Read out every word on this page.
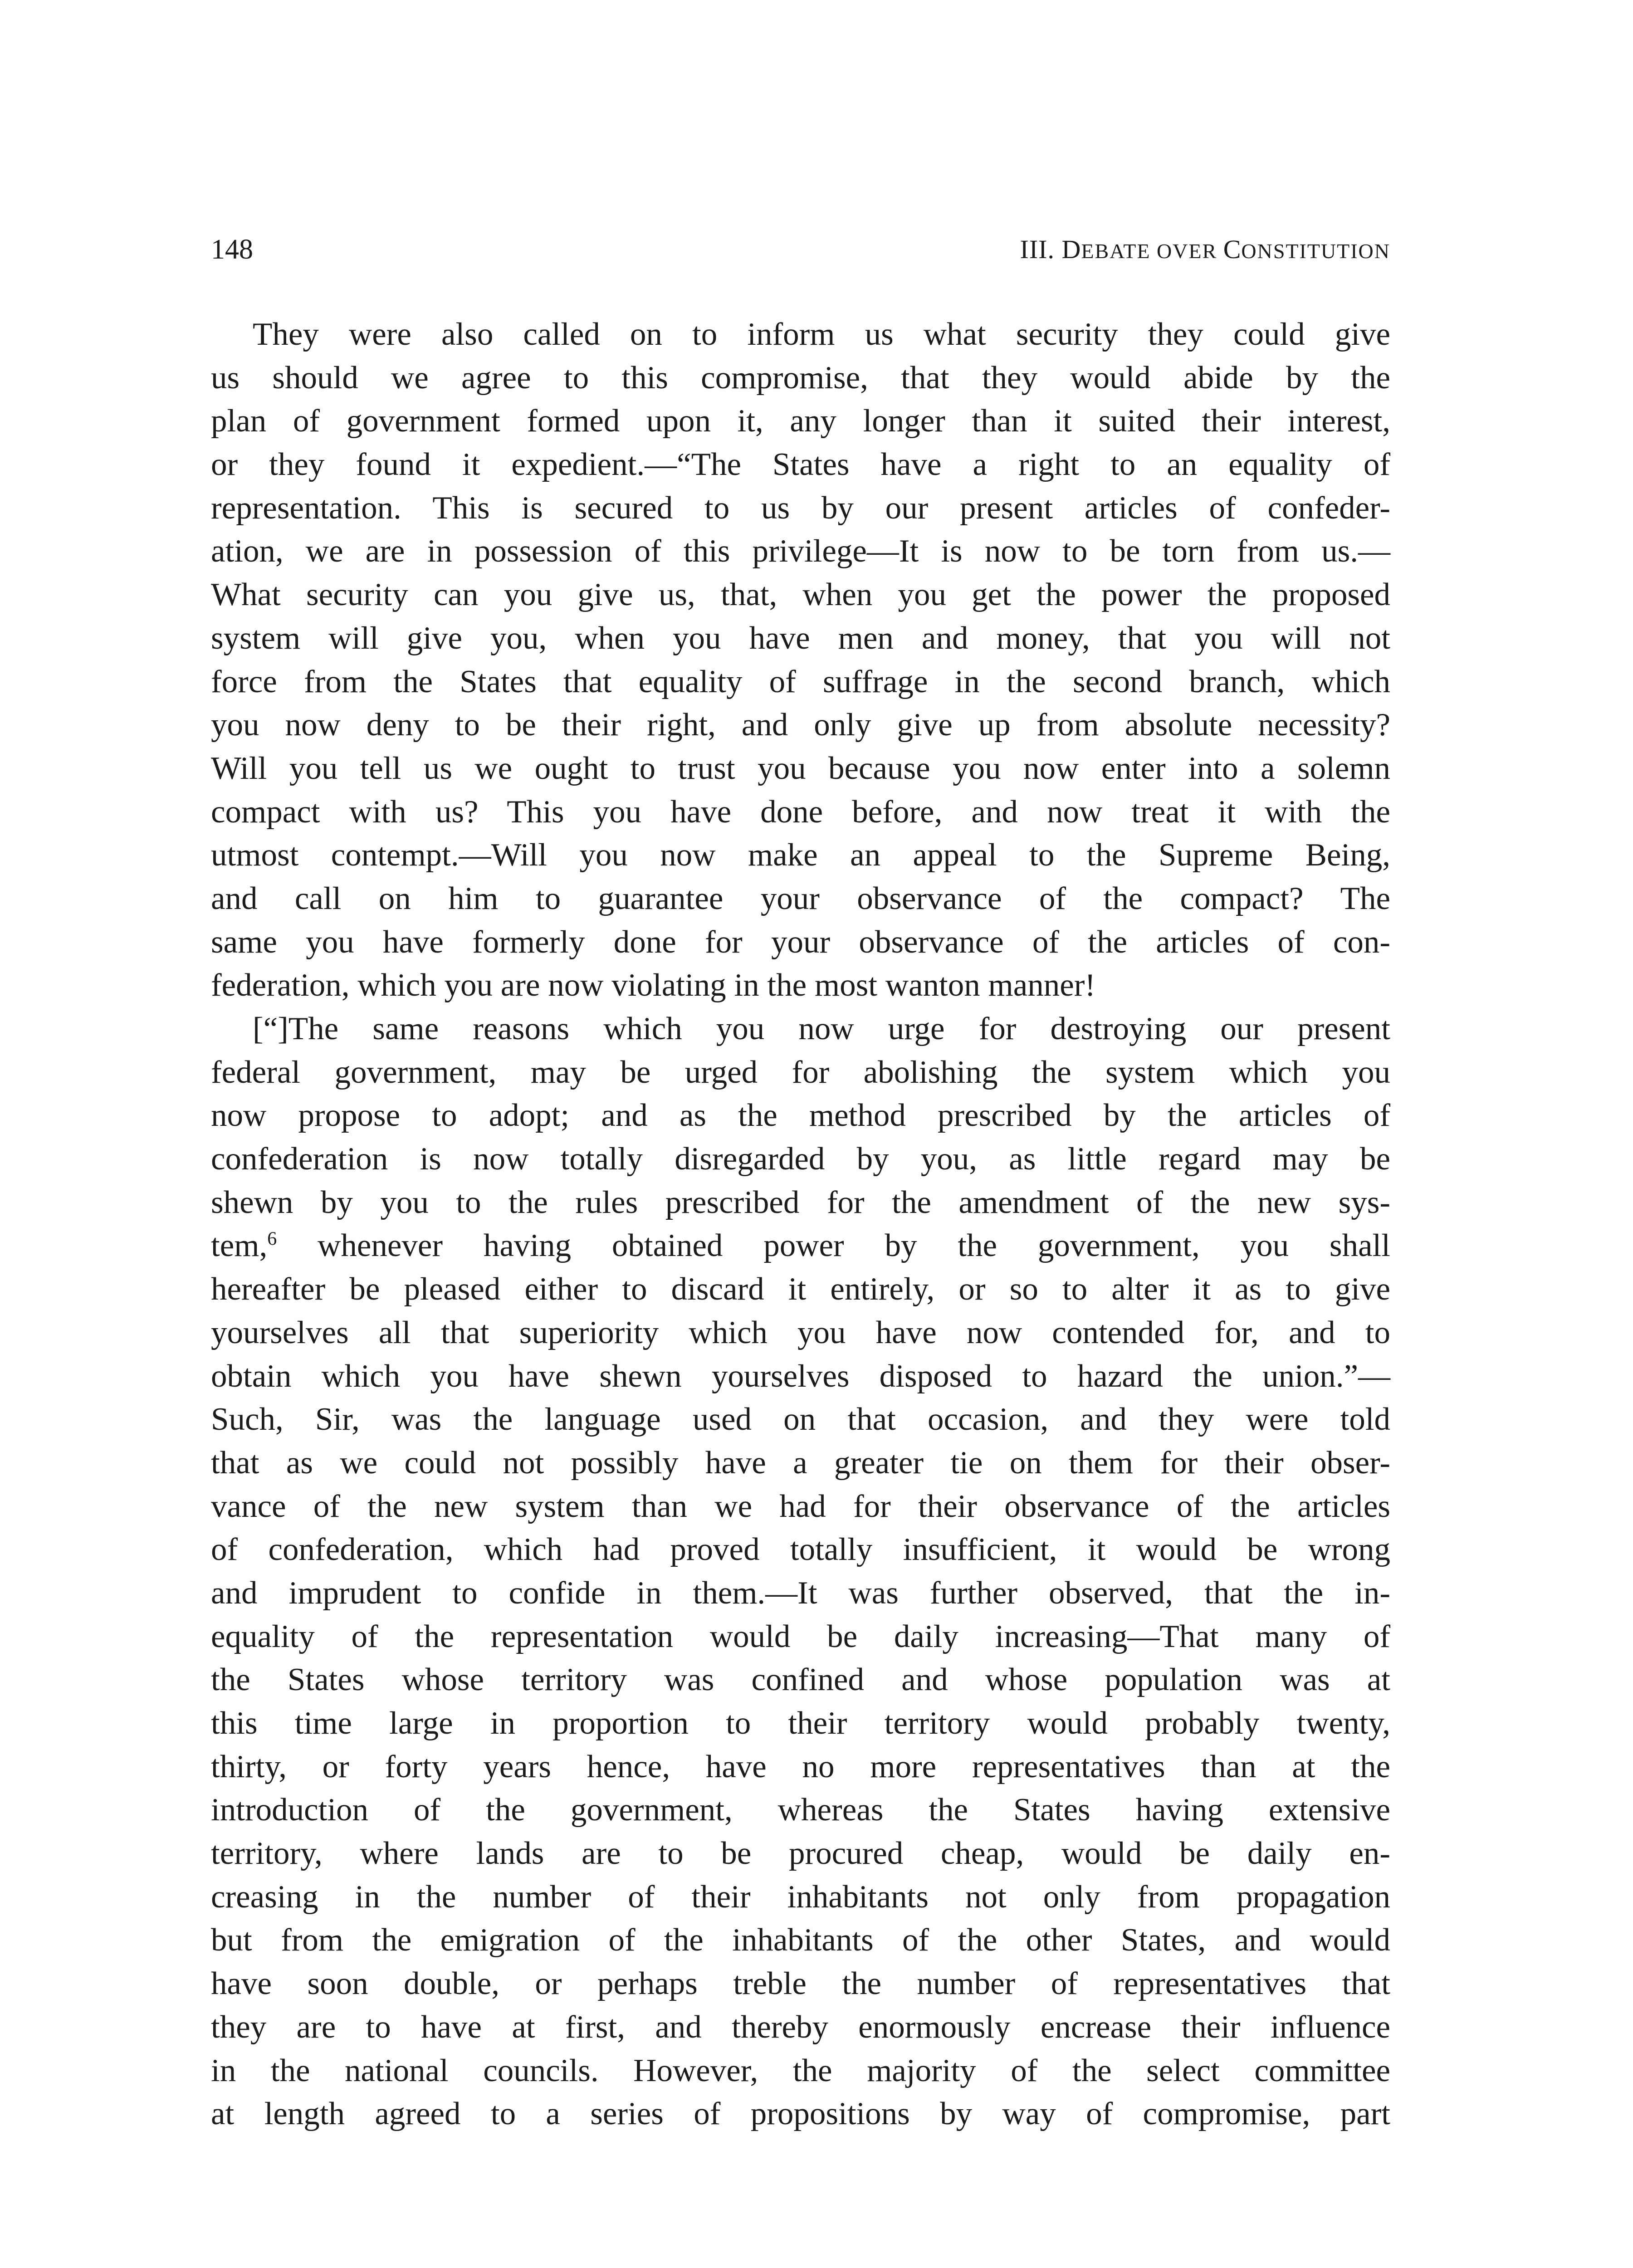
148	III. DEBATE OVER CONSTITUTION
They were also called on to inform us what security they could give
us should we agree to this compromise, that they would abide by the
plan of government formed upon it, any longer than it suited their interest,
or they found it expedient.—“The States have a right to an equality of
representation. This is secured to us by our present articles of confeder-
ation, we are in possession of this privilege—It is now to be torn from us.—
What security can you give us, that, when you get the power the proposed
system will give you, when you have men and money, that you will not
force from the States that equality of suffrage in the second branch, which
you now deny to be their right, and only give up from absolute necessity?
Will you tell us we ought to trust you because you now enter into a solemn
compact with us? This you have done before, and now treat it with the
utmost contempt.—Will you now make an appeal to the Supreme Being,
and call on him to guarantee your observance of the compact? The
same you have formerly done for your observance of the articles of con-
federation, which you are now violating in the most wanton manner!
[“]The same reasons which you now urge for destroying our present
federal government, may be urged for abolishing the system which you
now propose to adopt; and as the method prescribed by the articles of
confederation is now totally disregarded by you, as little regard may be
shewn by you to the rules prescribed for the amendment of the new sys-
tem,$^6$ whenever having obtained power by the government, you shall
hereafter be pleased either to discard it entirely, or so to alter it as to give
yourselves all that superiority which you have now contended for, and to
obtain which you have shewn yourselves disposed to hazard the union.”—
Such, Sir, was the language used on that occasion, and they were told
that as we could not possibly have a greater tie on them for their obser-
vance of the new system than we had for their observance of the articles
of confederation, which had proved totally insufficient, it would be wrong
and imprudent to confide in them.—It was further observed, that the in-
equality of the representation would be daily increasing—That many of
the States whose territory was confined and whose population was at
this time large in proportion to their territory would probably twenty,
thirty, or forty years hence, have no more representatives than at the
introduction of the government, whereas the States having extensive
territory, where lands are to be procured cheap, would be daily en-
creasing in the number of their inhabitants not only from propagation
but from the emigration of the inhabitants of the other States, and would
have soon double, or perhaps treble the number of representatives that
they are to have at first, and thereby enormously encrease their influence
in the national councils. However, the majority of the select committee
at length agreed to a series of propositions by way of compromise, part
